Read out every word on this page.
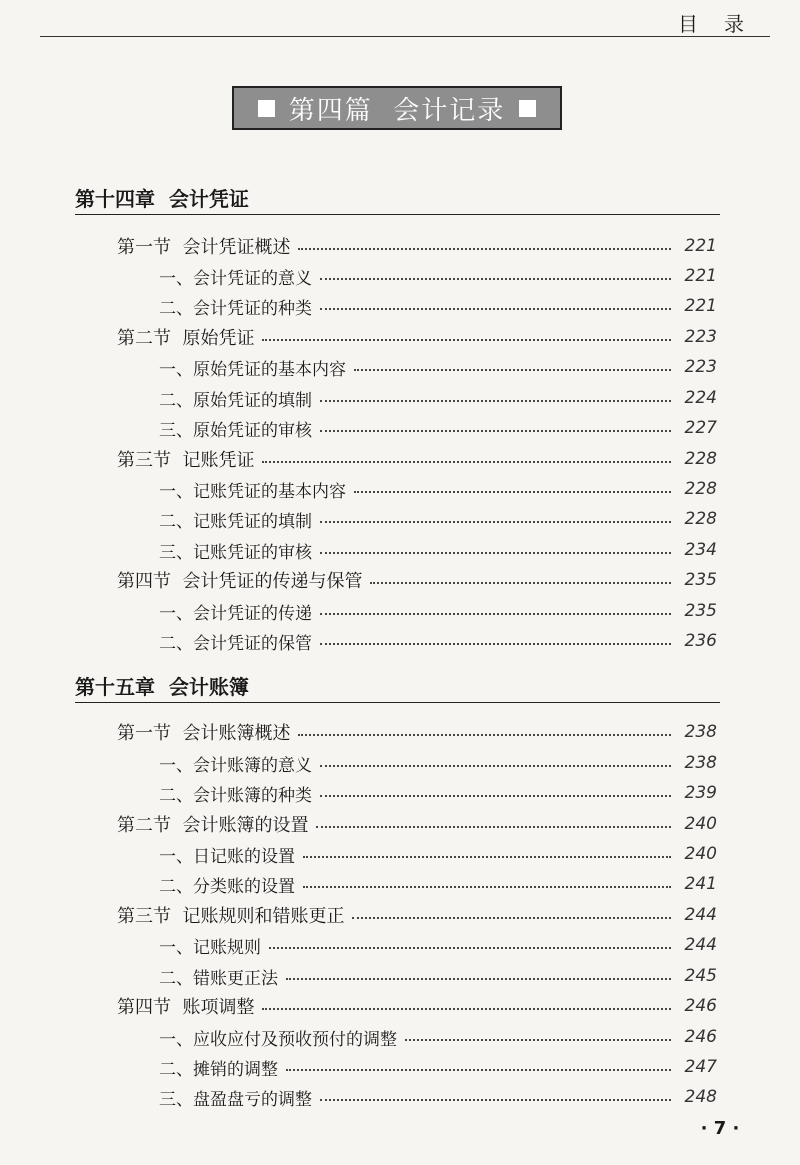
目录
第四篇  会计记录
第十四章  会计凭证
第一节  会计凭证概述	221
一、会计凭证的意义	221
二、会计凭证的种类	221
第二节  原始凭证	223
一、原始凭证的基本内容	223
二、原始凭证的填制	224
三、原始凭证的审核	227
第三节  记账凭证	228
一、记账凭证的基本内容	228
二、记账凭证的填制	228
三、记账凭证的审核	234
第四节  会计凭证的传递与保管	235
一、会计凭证的传递	235
二、会计凭证的保管	236
第十五章  会计账簿
第一节  会计账簿概述	238
一、会计账簿的意义	238
二、会计账簿的种类	239
第二节  会计账簿的设置	240
一、日记账的设置	240
二、分类账的设置	241
第三节  记账规则和错账更正	244
一、记账规则	244
二、错账更正法	245
第四节  账项调整	246
一、应收应付及预收预付的调整	246
二、摊销的调整	247
三、盘盈盘亏的调整	248
· 7 ·
